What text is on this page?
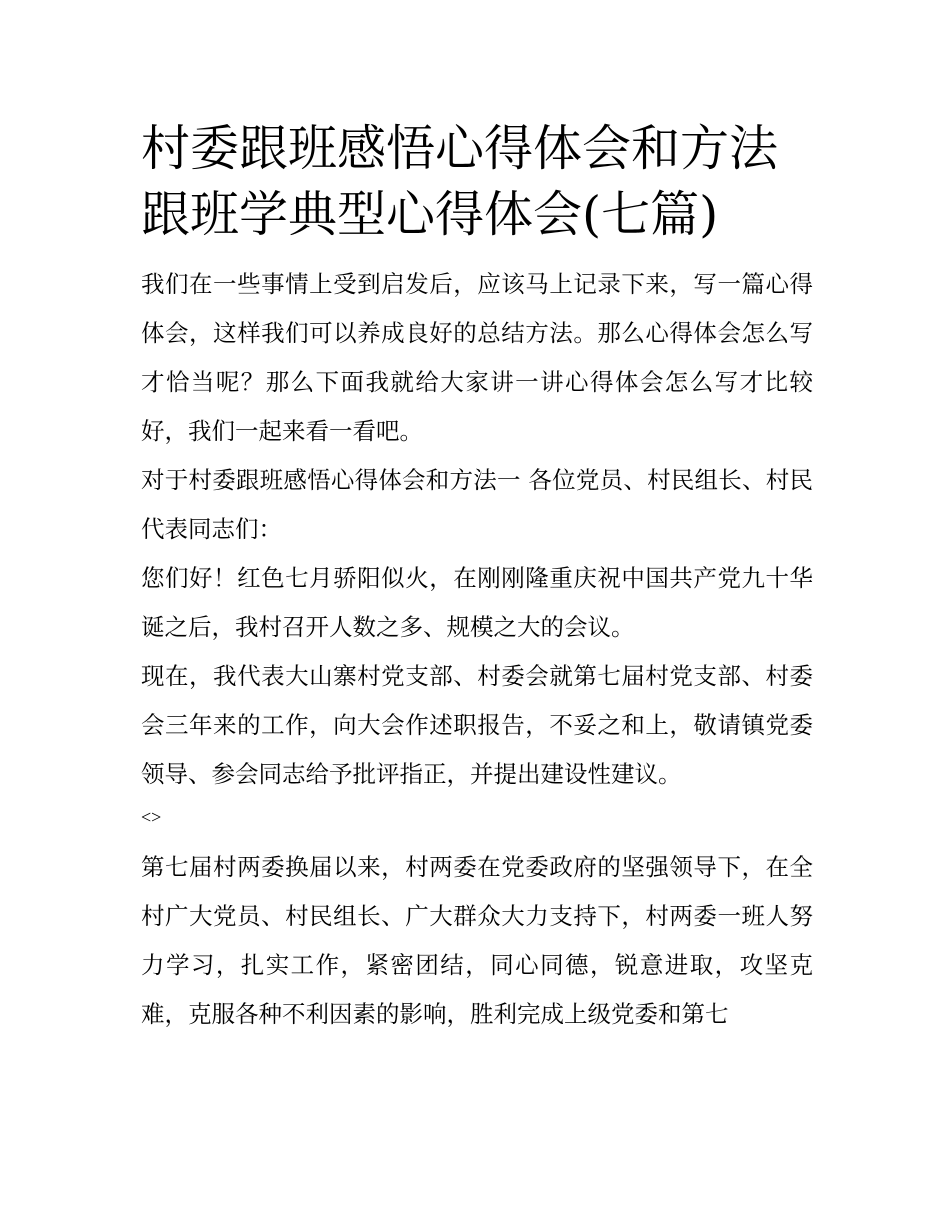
村委跟班感悟心得体会和方法
跟班学典型心得体会(七篇)

我们在一些事情上受到启发后，应该马上记录下来，写一篇心得体会，这样我们可以养成良好的总结方法。那么心得体会怎么写才恰当呢？那么下面我就给大家讲一讲心得体会怎么写才比较好，我们一起来看一看吧。

对于村委跟班感悟心得体会和方法一 各位党员、村民组长、村民代表同志们：

您们好！红色七月骄阳似火，在刚刚隆重庆祝中国共产党九十华诞之后，我村召开人数之多、规模之大的会议。

现在，我代表大山寨村党支部、村委会就第七届村党支部、村委会三年来的工作，向大会作述职报告，不妥之和上，敬请镇党委领导、参会同志给予批评指正，并提出建设性建议。

<>

第七届村两委换届以来，村两委在党委政府的坚强领导下，在全村广大党员、村民组长、广大群众大力支持下，村两委一班人努力学习，扎实工作，紧密团结，同心同德，锐意进取，攻坚克难，克服各种不利因素的影响，胜利完成上级党委和第七
